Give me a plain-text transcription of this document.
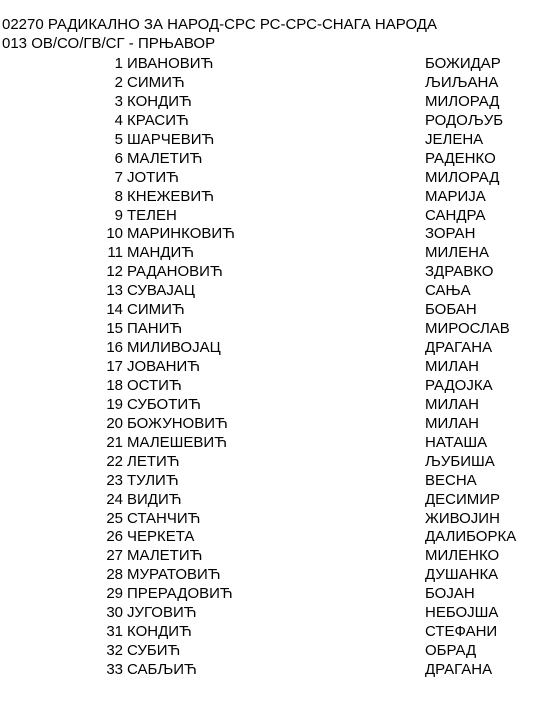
02270 РАДИКАЛНО ЗА НАРОД-СРС РС-СРС-СНАГА НАРОДА
013 ОВ/СО/ГВ/СГ - ПРЊАВОР
1 ИВАНОВИЋ	БОЖИДАР
2 СИМИЋ	ЉИЉАНА
3 КОНДИЋ	МИЛОРАД
4 КРАСИЋ	РОДОЉУБ
5 ШАРЧЕВИЋ	ЈЕЛЕНА
6 МАЛЕТИЋ	РАДЕНКО
7 ЈОТИЋ	МИЛОРАД
8 КНЕЖЕВИЋ	МАРИЈА
9 ТЕЛЕН	САНДРА
10 МАРИНКОВИЋ	ЗОРАН
11 МАНДИЋ	МИЛЕНА
12 РАДАНОВИЋ	ЗДРАВКО
13 СУВАЈАЦ	САЊА
14 СИМИЋ	БОБАН
15 ПАНИЋ	МИРОСЛАВ
16 МИЛИВОЈАЦ	ДРАГАНА
17 ЈОВАНИЋ	МИЛАН
18 ОСТИЋ	РАДОЈКА
19 СУБОТИЋ	МИЛАН
20 БОЖУНОВИЋ	МИЛАН
21 МАЛЕШЕВИЋ	НАТАША
22 ЛЕТИЋ	ЉУБИША
23 ТУЛИЋ	ВЕСНА
24 ВИДИЋ	ДЕСИМИР
25 СТАНЧИЋ	ЖИВОЈИН
26 ЧЕРКЕТА	ДАЛИБОРКА
27 МАЛЕТИЋ	МИЛЕНКО
28 МУРАТОВИЋ	ДУШАНКА
29 ПРЕРАДОВИЋ	БОЈАН
30 ЈУГОВИЋ	НЕБОЈША
31 КОНДИЋ	СТЕФАНИ
32 СУБИЋ	ОБРАД
33 САБЉИЋ	ДРАГАНА
